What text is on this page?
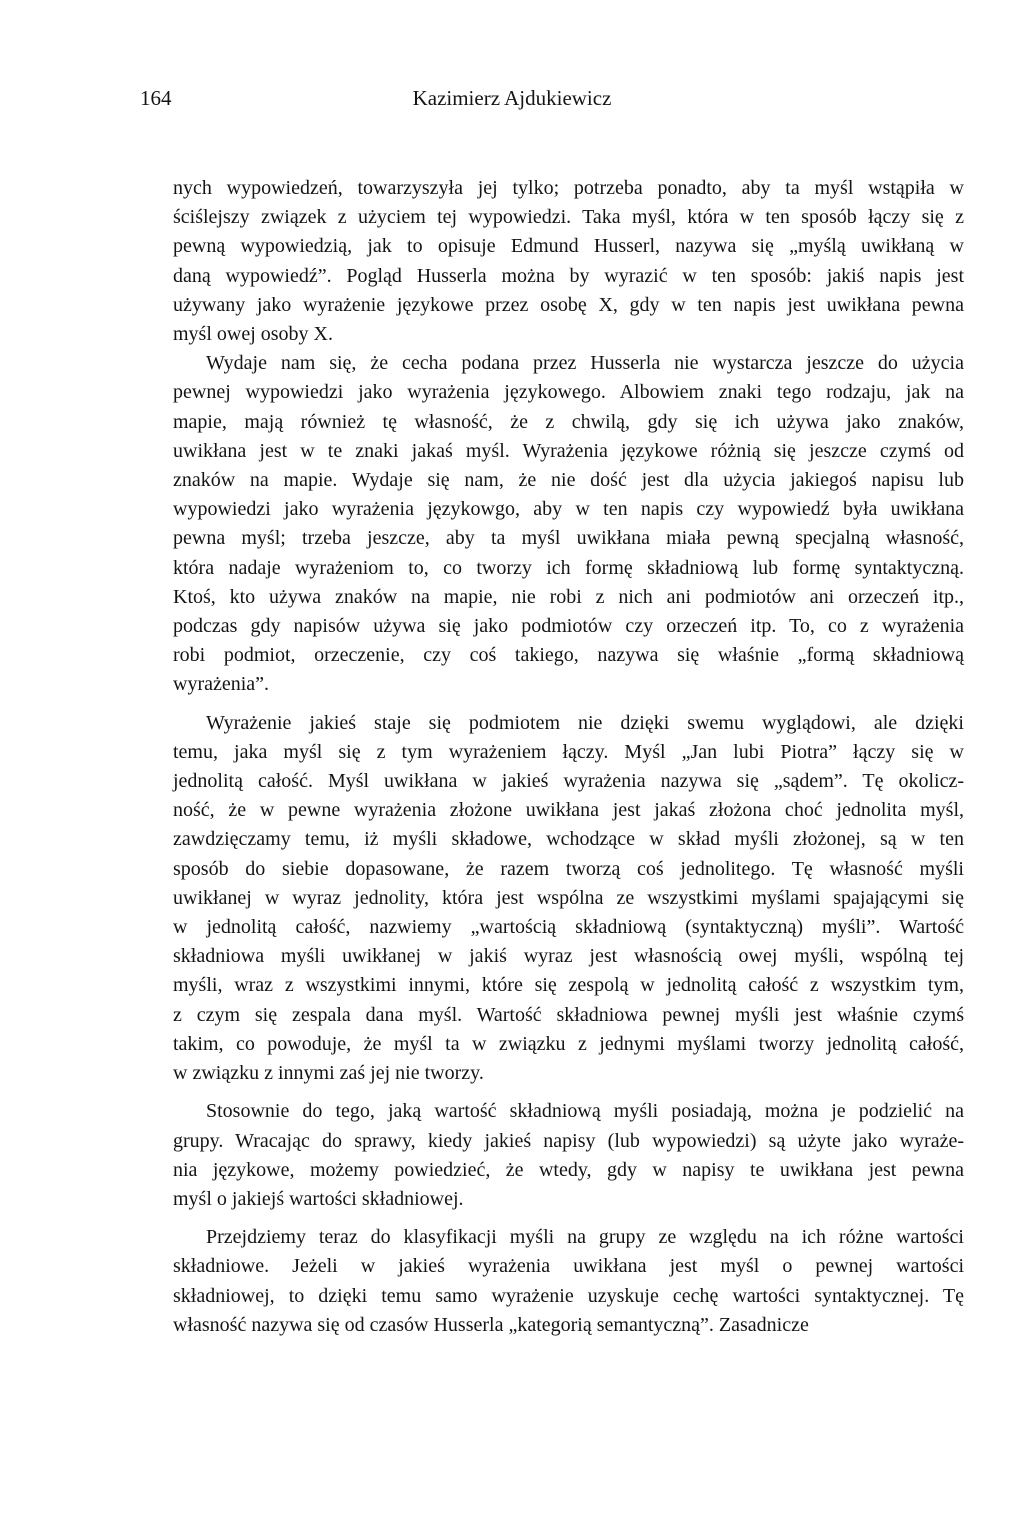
164	Kazimierz Ajdukiewicz
nych wypowiedzeń, towarzyszyła jej tylko; potrzeba ponadto, aby ta myśl wstąpiła w
ściślejszy związek z użyciem tej wypowiedzi. Taka myśl, która w ten sposób łączy się z
pewną wypowiedzią, jak to opisuje Edmund Husserl, nazywa się „myślą uwikłaną w
daną wypowiedź”. Pogląd Husserla można by wyrazić w ten sposób: jakiś napis jest
używany jako wyrażenie językowe przez osobę X, gdy w ten napis jest uwikłana pewna
myśl owej osoby X.
Wydaje nam się, że cecha podana przez Husserla nie wystarcza jeszcze do użycia
pewnej wypowiedzi jako wyrażenia językowego. Albowiem znaki tego rodzaju, jak na
mapie, mają również tę własność, że z chwilą, gdy się ich używa jako znaków,
uwikłana jest w te znaki jakaś myśl. Wyrażenia językowe różnią się jeszcze czymś od
znaków na mapie. Wydaje się nam, że nie dość jest dla użycia jakiegoś napisu lub
wypowiedzi jako wyrażenia językowgo, aby w ten napis czy wypowiedź była uwikłana
pewna myśl; trzeba jeszcze, aby ta myśl uwikłana miała pewną specjalną własność,
która nadaje wyrażeniom to, co tworzy ich formę składniową lub formę syntaktyczną.
Ktoś, kto używa znaków na mapie, nie robi z nich ani podmiotów ani orzeczeń itp.,
podczas gdy napisów używa się jako podmiotów czy orzeczeń itp. To, co z wyrażenia
robi podmiot, orzeczenie, czy coś takiego, nazywa się właśnie „formą składniową
wyrażenia”.
Wyrażenie jakieś staje się podmiotem nie dzięki swemu wyglądowi, ale dzięki
temu, jaka myśl się z tym wyrażeniem łączy. Myśl „Jan lubi Piotra” łączy się w
jednolitą całość. Myśl uwikłana w jakieś wyrażenia nazywa się „sądem”. Tę okolicz-
ność, że w pewne wyrażenia złożone uwikłana jest jakaś złożona choć jednolita myśl,
zawdzięczamy temu, iż myśli składowe, wchodzące w skład myśli złożonej, są w ten
sposób do siebie dopasowane, że razem tworzą coś jednolitego. Tę własność myśli
uwikłanej w wyraz jednolity, która jest wspólna ze wszystkimi myślami spajającymi się
w jednolitą całość, nazwiemy „wartością składniową (syntaktyczną) myśli”. Wartość
składniowa myśli uwikłanej w jakiś wyraz jest własnością owej myśli, wspólną tej
myśli, wraz z wszystkimi innymi, które się zespolą w jednolitą całość z wszystkim tym,
z czym się zespala dana myśl. Wartość składniowa pewnej myśli jest właśnie czymś
takim, co powoduje, że myśl ta w związku z jednymi myślami tworzy jednolitą całość,
w związku z innymi zaś jej nie tworzy.
Stosownie do tego, jaką wartość składniową myśli posiadają, można je podzielić na
grupy. Wracając do sprawy, kiedy jakieś napisy (lub wypowiedzi) są użyte jako wyraże-
nia językowe, możemy powiedzieć, że wtedy, gdy w napisy te uwikłana jest pewna
myśl o jakiejś wartości składniowej.
Przejdziemy teraz do klasyfikacji myśli na grupy ze względu na ich różne wartości
składniowe. Jeżeli w jakieś wyrażenia uwikłana jest myśl o pewnej wartości
składniowej, to dzięki temu samo wyrażenie uzyskuje cechę wartości syntaktycznej. Tę
własność nazywa się od czasów Husserla „kategorią semantyczną”. Zasadnicze
